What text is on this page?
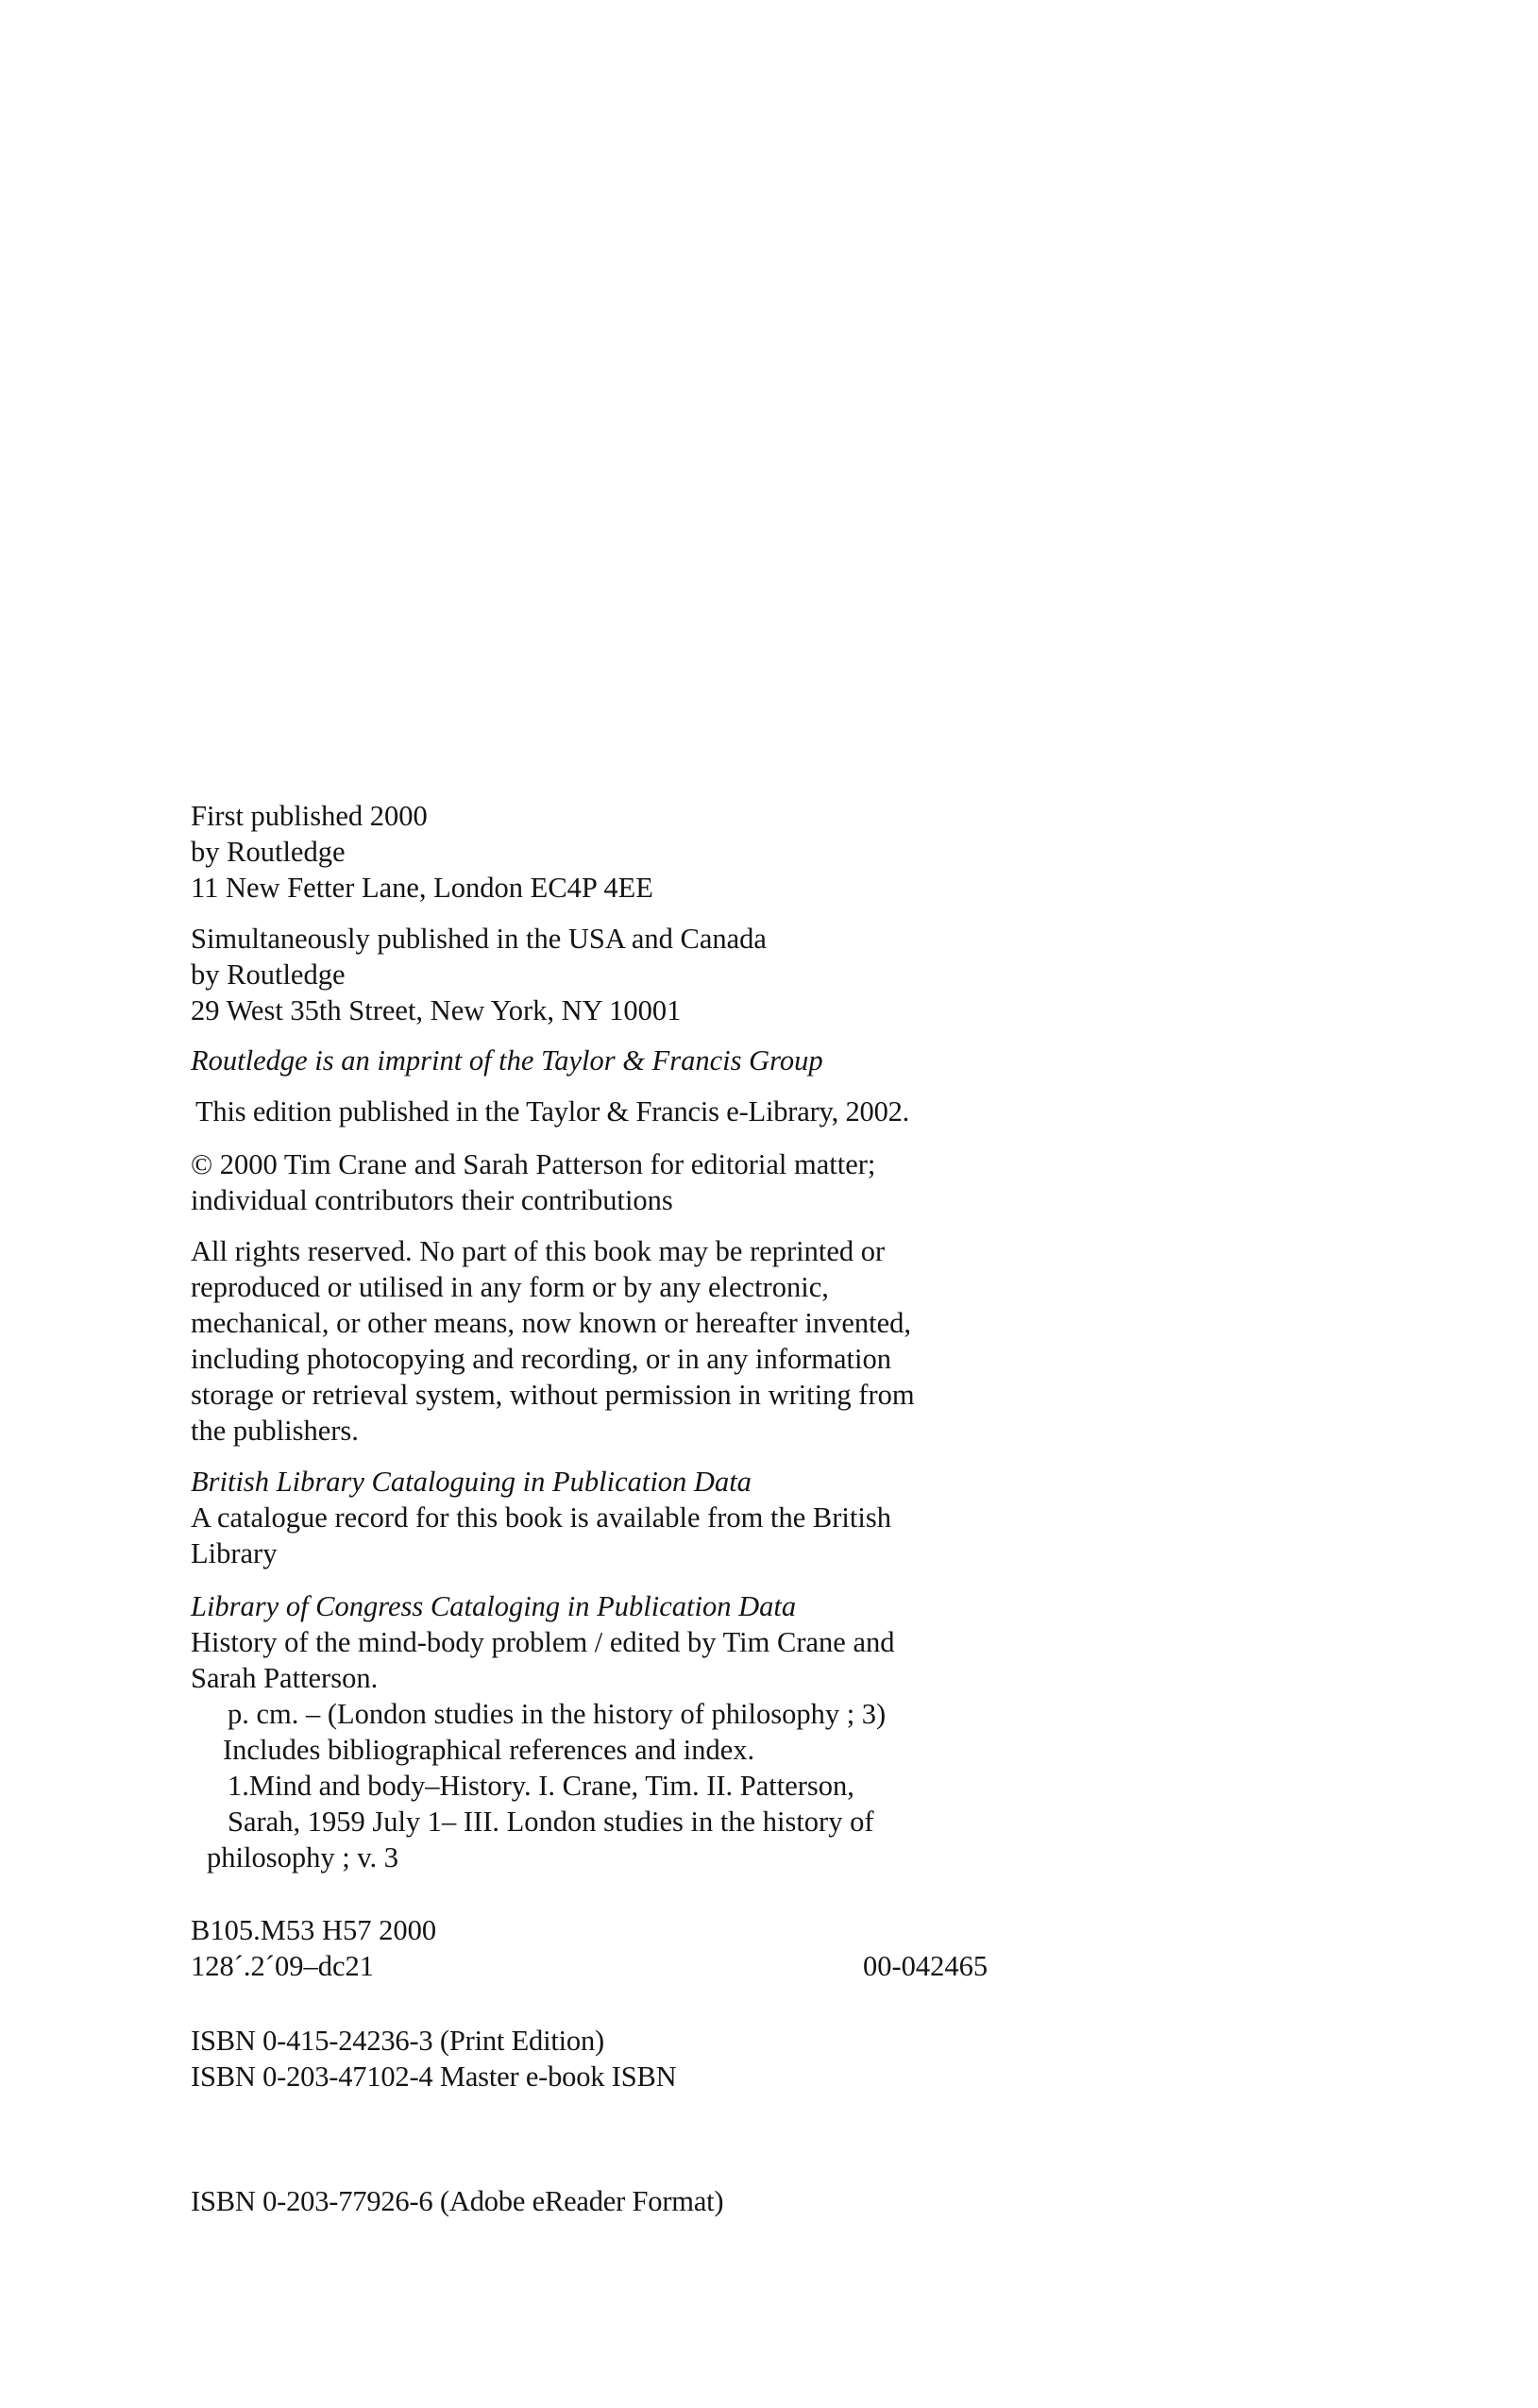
First published 2000

by Routledge

11 New Fetter Lane, London EC4P 4EE

Simultaneously published in the USA and Canada

by Routledge

29 West 35th Street, New York, NY 10001

Routledge is an imprint of the Taylor & Francis Group

This edition published in the Taylor & Francis e-Library, 2002.

© 2000 Tim Crane and Sarah Patterson for editorial matter;

individual contributors their contributions

All rights reserved. No part of this book may be reprinted or

reproduced or utilised in any form or by any electronic,

mechanical, or other means, now known or hereafter invented,

including photocopying and recording, or in any information

storage or retrieval system, without permission in writing from

the publishers.

British Library Cataloguing in Publication Data

A catalogue record for this book is available from the British

Library

Library of Congress Cataloging in Publication Data

History of the mind-body problem / edited by Tim Crane and

Sarah Patterson.

p. cm. – (London studies in the history of philosophy ; 3)

Includes bibliographical references and index.

1.Mind and body–History. I. Crane, Tim. II. Patterson,

Sarah, 1959 July 1– III. London studies in the history of

philosophy ; v. 3

B105.M53 H57 2000

128´.2´09–dc21	00-042465

ISBN 0-415-24236-3 (Print Edition)

ISBN 0-203-47102-4 Master e-book ISBN

ISBN 0-203-77926-6 (Adobe eReader Format)
